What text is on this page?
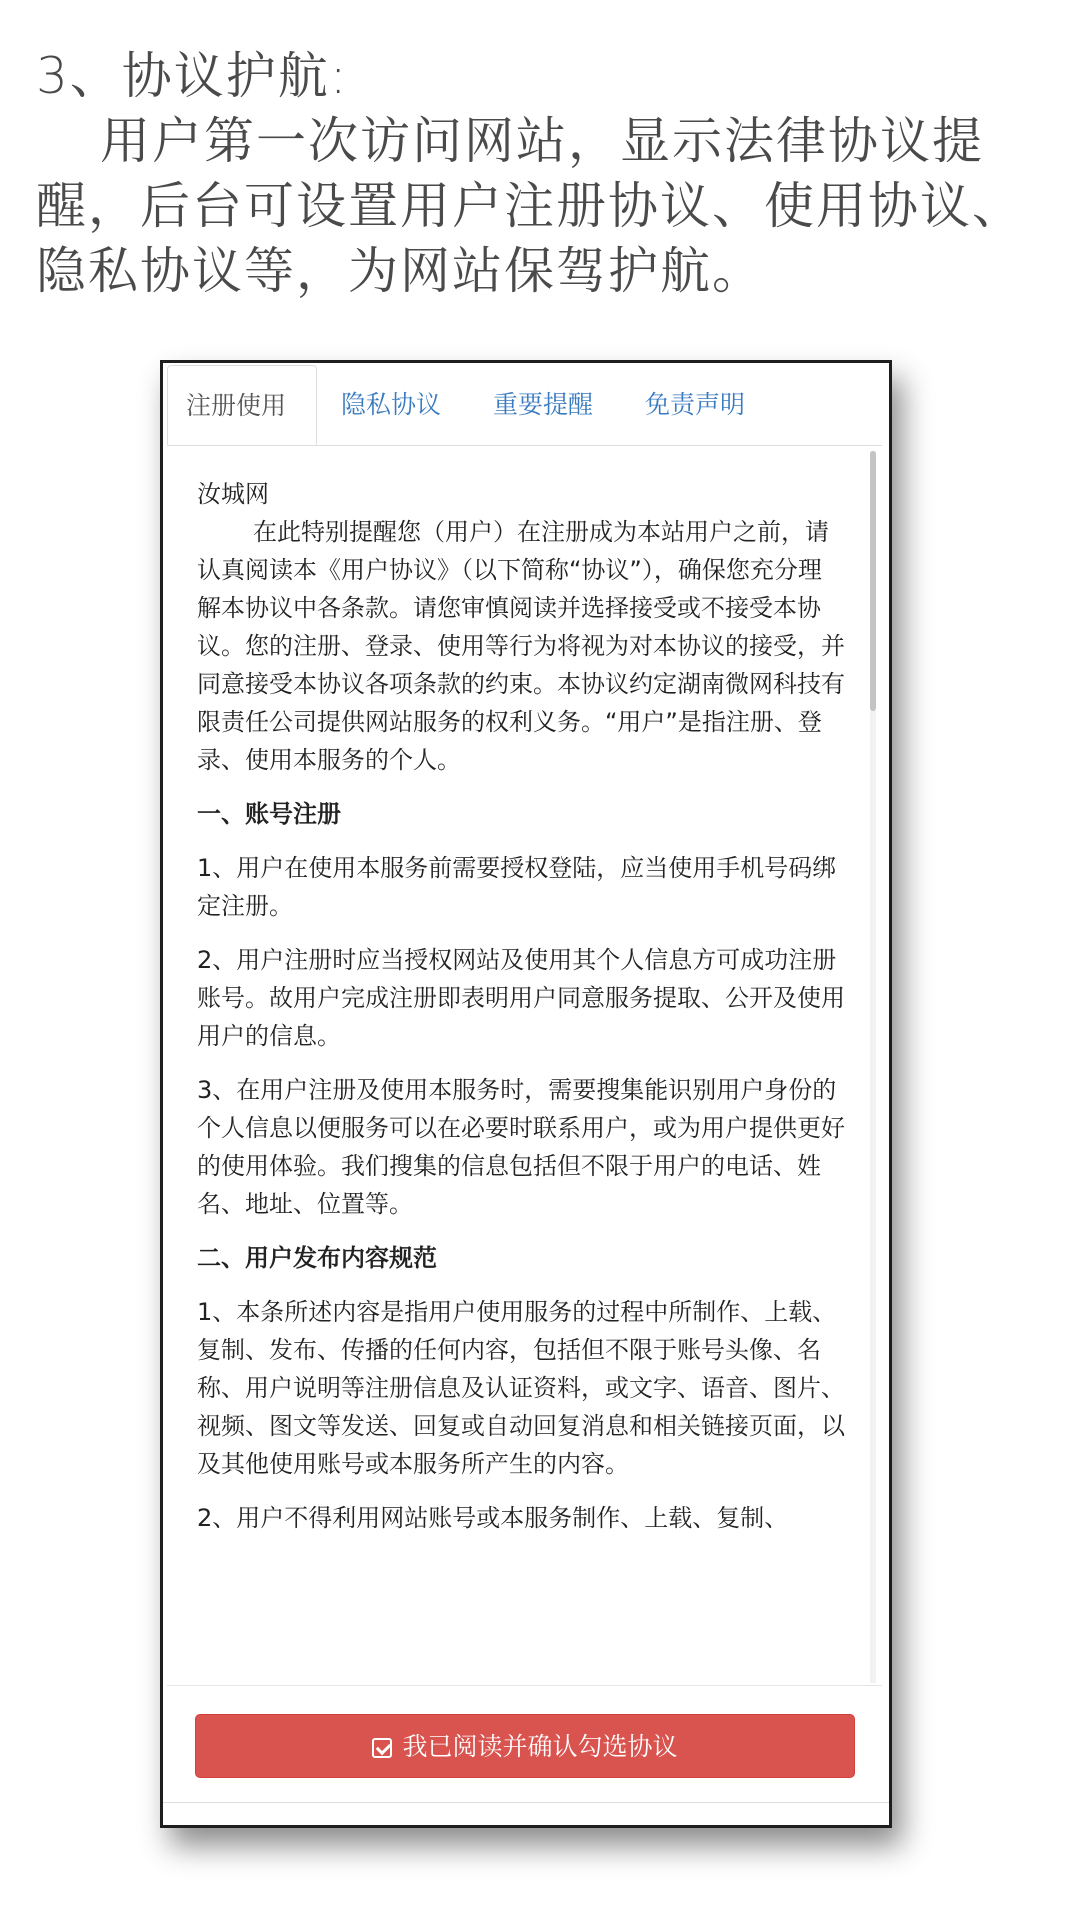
3、协议护航:
用户第一次访问网站，显示法律协议提醒，后台可设置用户注册协议、使用协议、隐私协议等，为网站保驾护航。
注册使用	隐私协议 重要提醒 免责声明

汝城网

在此特别提醒您（用户）在注册成为本站用户之前，请认真阅读本《用户协议》（以下简称“协议”），确保您充分理解本协议中各条款。请您审慎阅读并选择接受或不接受本协议。您的注册、登录、使用等行为将视为对本协议的接受，并同意接受本协议各项条款的约束。本协议约定湖南微网科技有限责任公司提供网站服务的权利义务。“用户”是指注册、登录、使用本服务的个人。

一、账号注册

1、用户在使用本服务前需要授权登陆，应当使用手机号码绑定注册。

2、用户注册时应当授权网站及使用其个人信息方可成功注册账号。故用户完成注册即表明用户同意服务提取、公开及使用用户的信息。

3、在用户注册及使用本服务时，需要搜集能识别用户身份的个人信息以便服务可以在必要时联系用户，或为用户提供更好的使用体验。我们搜集的信息包括但不限于用户的电话、姓名、地址、位置等。

二、用户发布内容规范

1、本条所述内容是指用户使用服务的过程中所制作、上载、复制、发布、传播的任何内容，包括但不限于账号头像、名称、用户说明等注册信息及认证资料，或文字、语音、图片、视频、图文等发送、回复或自动回复消息和相关链接页面，以及其他使用账号或本服务所产生的内容。

2、用户不得利用网站账号或本服务制作、上载、复制、

我已阅读并确认勾选协议
